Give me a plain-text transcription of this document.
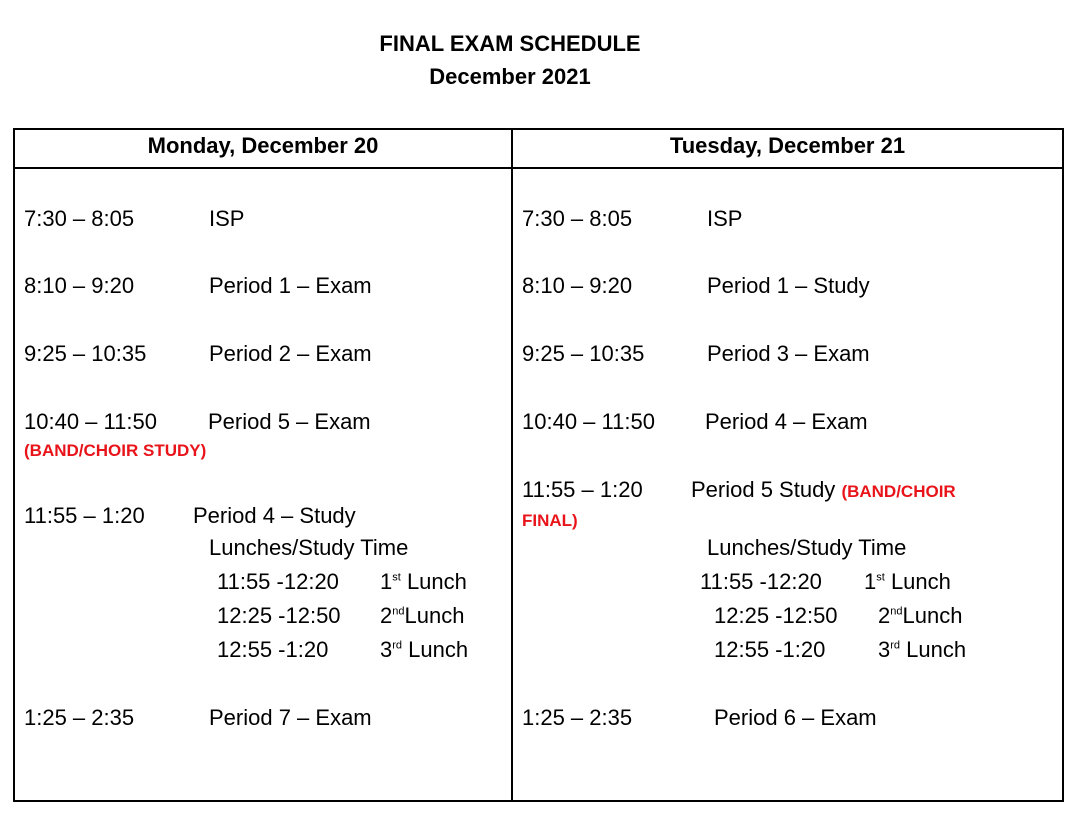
FINAL EXAM SCHEDULE
December 2021
Monday, December 20	Tuesday, December 21
7:30 – 8:05	ISP
8:10 – 9:20	Period 1 – Exam
9:25 – 10:35	Period 2 – Exam
10:40 – 11:50 Period 5 – Exam
(BAND/CHOIR STUDY)
11:55 – 1:20 Period 4 – Study
Lunches/Study Time
11:55 -12:20 1st Lunch
12:25 -12:50 2ndLunch
12:55 -1:20 3rd Lunch
1:25 – 2:35	Period 7 – Exam
7:30 – 8:05	ISP
8:10 – 9:20	Period 1 – Study
9:25 – 10:35	Period 3 – Exam
10:40 – 11:50 Period 4 – Exam
11:55 – 1:20 Period 5 Study (BAND/CHOIR
FINAL)
Lunches/Study Time
11:55 -12:20 1st Lunch
12:25 -12:50 2ndLunch
12:55 -1:20 3rd Lunch
1:25 – 2:35	Period 6 – Exam
